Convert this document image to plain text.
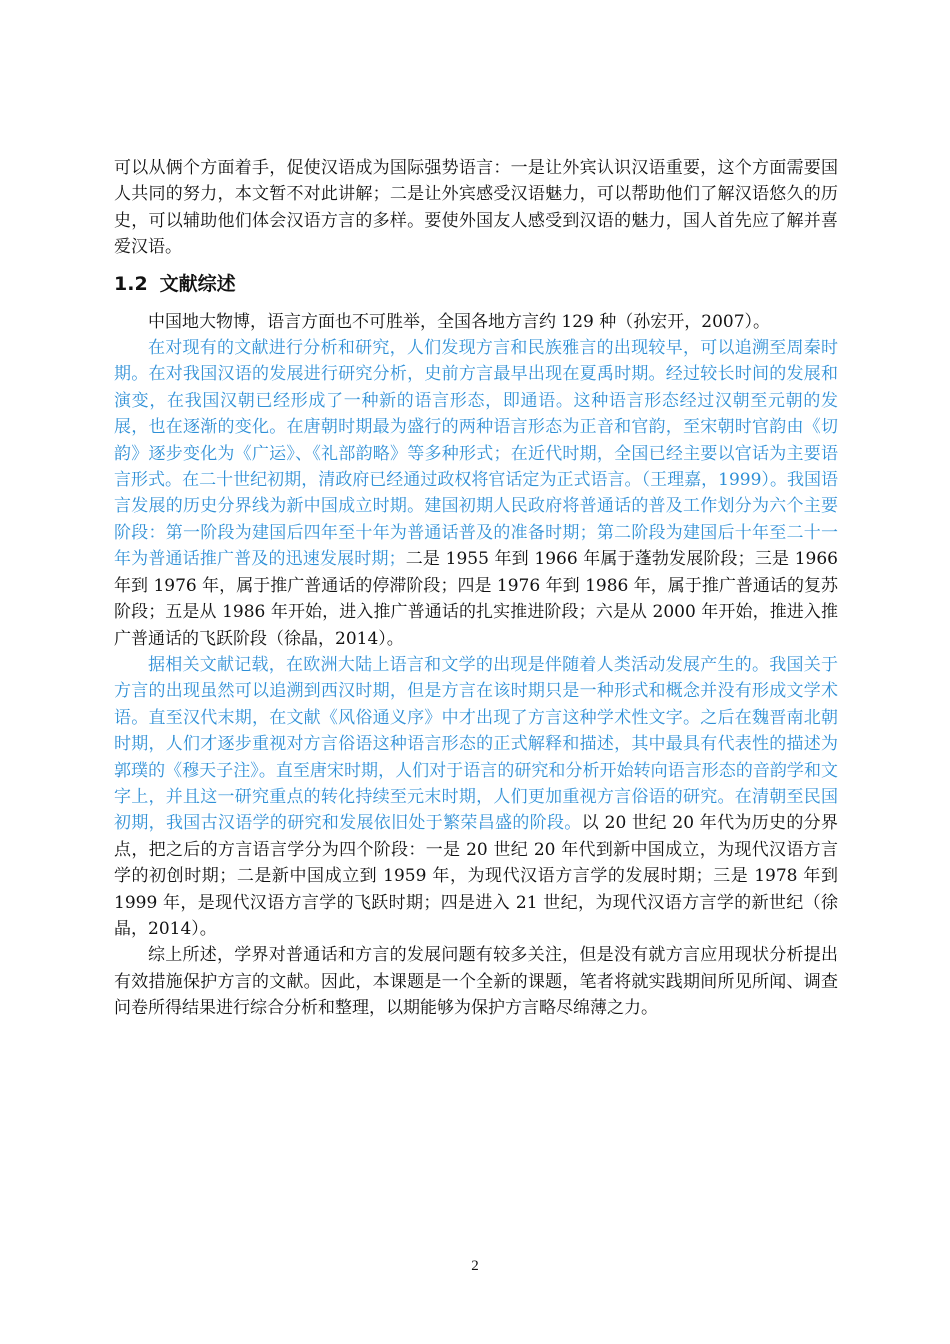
可以从俩个方面着手，促使汉语成为国际强势语言：一是让外宾认识汉语重要，这个方面需要国人共同的努力，本文暂不对此讲解；二是让外宾感受汉语魅力，可以帮助他们了解汉语悠久的历史，可以辅助他们体会汉语方言的多样。要使外国友人感受到汉语的魅力，国人首先应了解并喜爱汉语。

1.2 文献综述

中国地大物博，语言方面也不可胜举，全国各地方言约 129 种（孙宏开，2007）。

在对现有的文献进行分析和研究，人们发现方言和民族雅言的出现较早，可以追溯至周秦时期。在对我国汉语的发展进行研究分析，史前方言最早出现在夏禹时期。经过较长时间的发展和演变，在我国汉朝已经形成了一种新的语言形态，即通语。这种语言形态经过汉朝至元朝的发展，也在逐渐的变化。在唐朝时期最为盛行的两种语言形态为正音和官韵，至宋朝时官韵由《切韵》逐步变化为《广运》、《礼部韵略》等多种形式；在近代时期，全国已经主要以官话为主要语言形式。在二十世纪初期，清政府已经通过政权将官话定为正式语言。（王理嘉，1999）。我国语言发展的历史分界线为新中国成立时期。建国初期人民政府将普通话的普及工作划分为六个主要阶段：第一阶段为建国后四年至十年为普通话普及的准备时期；第二阶段为建国后十年至二十一年为普通话推广普及的迅速发展时期；二是 1955 年到 1966 年属于蓬勃发展阶段；三是 1966 年到 1976 年，属于推广普通话的停滞阶段；四是 1976 年到 1986 年，属于推广普通话的复苏阶段；五是从 1986 年开始，进入推广普通话的扎实推进阶段；六是从 2000 年开始，推进入推广普通话的飞跃阶段（徐晶，2014）。

据相关文献记载，在欧洲大陆上语言和文学的出现是伴随着人类活动发展产生的。我国关于方言的出现虽然可以追溯到西汉时期，但是方言在该时期只是一种形式和概念并没有形成文学术语。直至汉代末期，在文献《风俗通义序》中才出现了方言这种学术性文字。之后在魏晋南北朝时期，人们才逐步重视对方言俗语这种语言形态的正式解释和描述，其中最具有代表性的描述为郭璞的《穆天子注》。直至唐宋时期，人们对于语言的研究和分析开始转向语言形态的音韵学和文字上，并且这一研究重点的转化持续至元末时期，人们更加重视方言俗语的研究。在清朝至民国初期，我国古汉语学的研究和发展依旧处于繁荣昌盛的阶段。以 20 世纪 20 年代为历史的分界点，把之后的方言语言学分为四个阶段：一是 20 世纪 20 年代到新中国成立，为现代汉语方言学的初创时期；二是新中国成立到 1959 年，为现代汉语方言学的发展时期；三是 1978 年到 1999 年，是现代汉语方言学的飞跃时期；四是进入 21 世纪，为现代汉语方言学的新世纪（徐晶，2014）。

综上所述，学界对普通话和方言的发展问题有较多关注，但是没有就方言应用现状分析提出有效措施保护方言的文献。因此，本课题是一个全新的课题，笔者将就实践期间所见所闻、调查问卷所得结果进行综合分析和整理，以期能够为保护方言略尽绵薄之力。

2
